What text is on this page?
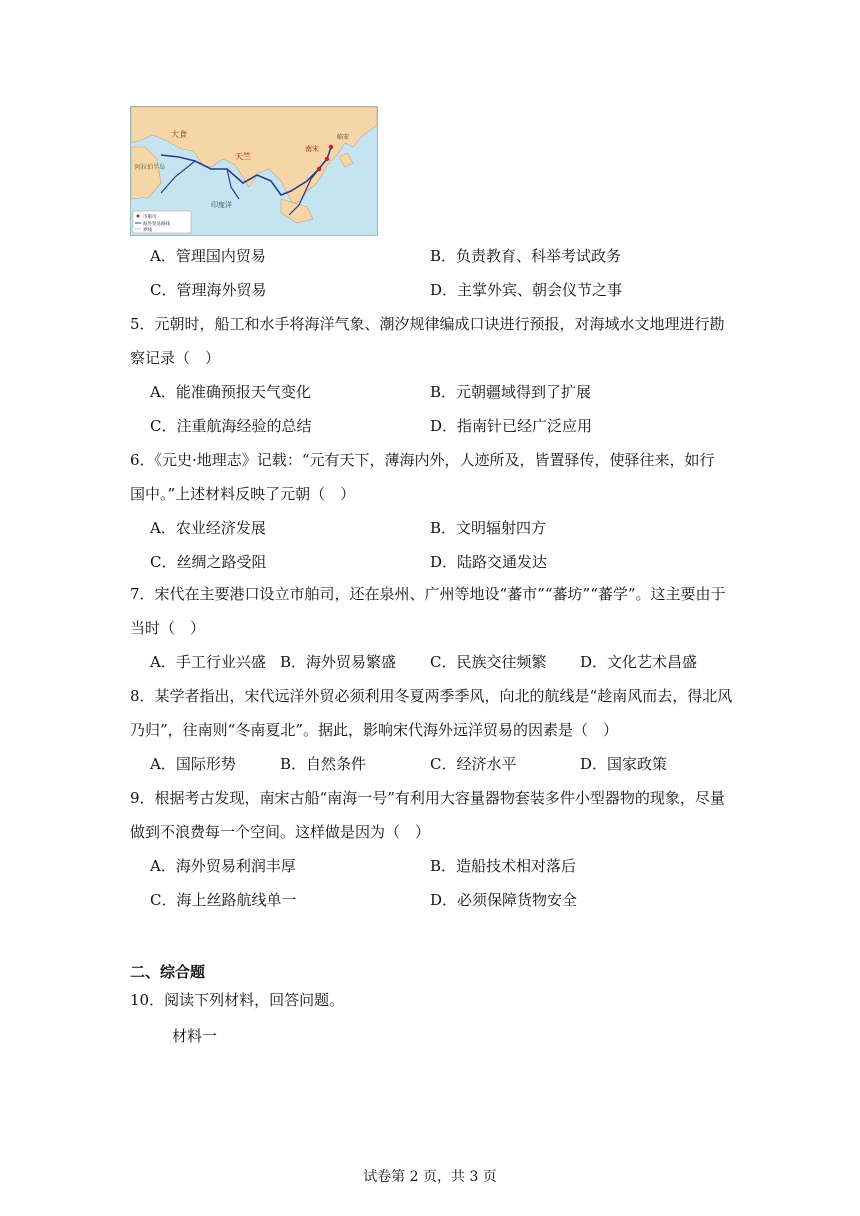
大食
天竺
南宋
临安
印度洋
阿拉伯半岛
市舶司
海外贸易路线
界线
A．管理国内贸易	B．负责教育、科举考试政务
C．管理海外贸易	D．主掌外宾、朝会仪节之事
5．元朝时，船工和水手将海洋气象、潮汐规律编成口诀进行预报，对海域水文地理进行勘
察记录（　）
A．能准确预报天气变化	B．元朝疆域得到了扩展
C．注重航海经验的总结	D．指南针已经广泛应用
6．《元史·地理志》记载：“元有天下，薄海内外，人迹所及，皆置驿传，使驿往来，如行
国中。”上述材料反映了元朝（　）
A．农业经济发展	B．文明辐射四方
C．丝绸之路受阻	D．陆路交通发达
7．宋代在主要港口设立市舶司，还在泉州、广州等地设“蕃市”“蕃坊”“蕃学”。这主要由于
当时（　）
A．手工行业兴盛 B．海外贸易繁盛 C．民族交往频繁 D．文化艺术昌盛
8．某学者指出，宋代远洋外贸必须利用冬夏两季季风，向北的航线是“趁南风而去，得北风
乃归”，往南则“冬南夏北”。据此，影响宋代海外远洋贸易的因素是（　）
A．国际形势	B．自然条件	C．经济水平	D．国家政策
9．根据考古发现，南宋古船“南海一号”有利用大容量器物套装多件小型器物的现象，尽量
做到不浪费每一个空间。这样做是因为（　）
A．海外贸易利润丰厚	B．造船技术相对落后
C．海上丝路航线单一	D．必须保障货物安全
二、综合题
10．阅读下列材料，回答问题。
材料一
试卷第 2 页，共 3 页
